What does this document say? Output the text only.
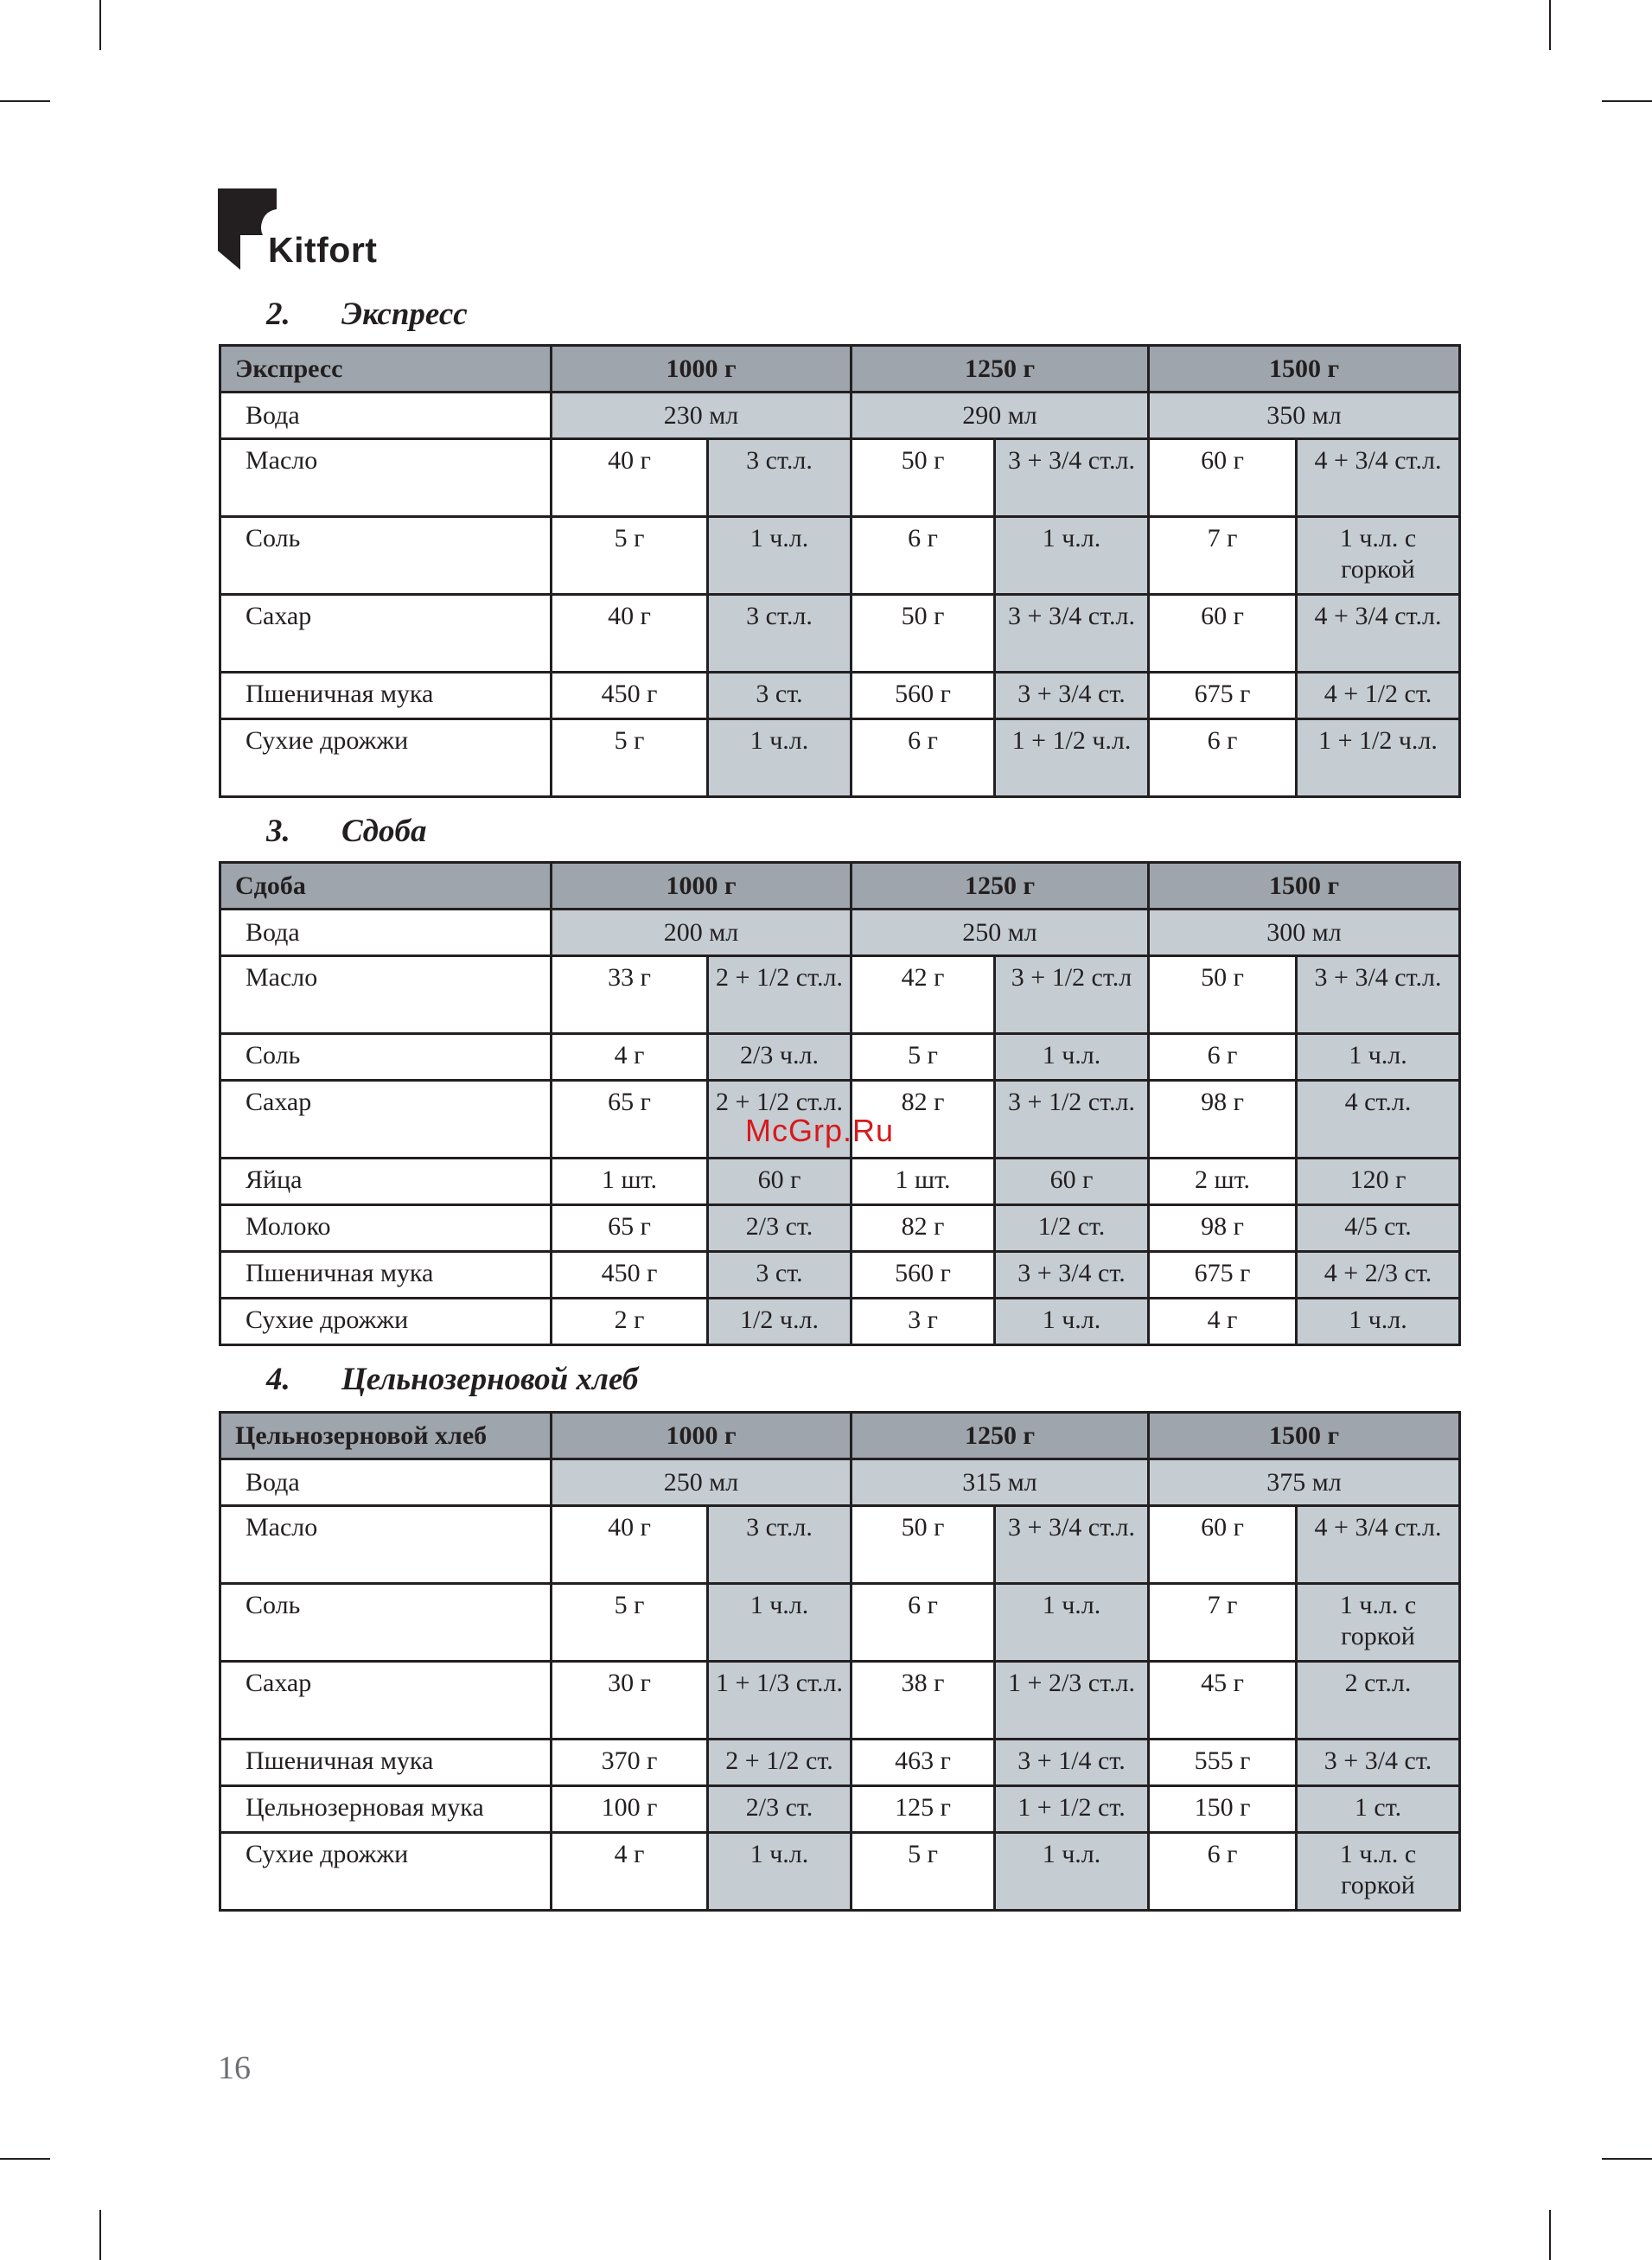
Kitfort
2. Экспресс
Экспресс	1000 г		1250 г		1500 г	
Вода	230 мл		290 мл		350 мл	
Масло	40 г	3 ст.л.	50 г	3 + 3/4 ст.л.	60 г	4 + 3/4 ст.л.
Соль	5 г	1 ч.л.	6 г	1 ч.л.	7 г	1 ч.л. с горкой
Сахар	40 г	3 ст.л.	50 г	3 + 3/4 ст.л.	60 г	4 + 3/4 ст.л.
Пшеничная мука	450 г	3 ст.	560 г	3 + 3/4 ст.	675 г	4 + 1/2 ст.
Сухие дрожжи	5 г	1 ч.л.	6 г	1 + 1/2 ч.л.	6 г	1 + 1/2 ч.л.
3. Сдоба
Сдоба	1000 г		1250 г		1500 г	
Вода	200 мл		250 мл		300 мл	
Масло	33 г	2 + 1/2 ст.л.	42 г	3 + 1/2 ст.л	50 г	3 + 3/4 ст.л.
Соль	4 г	2/3 ч.л.	5 г	1 ч.л.	6 г	1 ч.л.
Сахар	65 г	2 + 1/2 ст.л.	82 г	3 + 1/2 ст.л.	98 г	4 ст.л.
Яйца	1 шт.	60 г	1 шт.	60 г	2 шт.	120 г
Молоко	65 г	2/3 ст.	82 г	1/2 ст.	98 г	4/5 ст.
Пшеничная мука	450 г	3 ст.	560 г	3 + 3/4 ст.	675 г	4 + 2/3 ст.
Сухие дрожжи	2 г	1/2 ч.л.	3 г	1 ч.л.	4 г	1 ч.л.
4. Цельнозерновой хлеб
Цельнозерновой хлеб	1000 г		1250 г		1500 г	
Вода	250 мл		315 мл		375 мл	
Масло	40 г	3 ст.л.	50 г	3 + 3/4 ст.л.	60 г	4 + 3/4 ст.л.
Соль	5 г	1 ч.л.	6 г	1 ч.л.	7 г	1 ч.л. с горкой
Сахар	30 г	1 + 1/3 ст.л.	38 г	1 + 2/3 ст.л.	45 г	2 ст.л.
Пшеничная мука	370 г	2 + 1/2 ст.	463 г	3 + 1/4 ст.	555 г	3 + 3/4 ст.
Цельнозерновая мука	100 г	2/3 ст.	125 г	1 + 1/2 ст.	150 г	1 ст.
Сухие дрожжи	4 г	1 ч.л.	5 г	1 ч.л.	6 г	1 ч.л. с горкой
McGrp.Ru
16
